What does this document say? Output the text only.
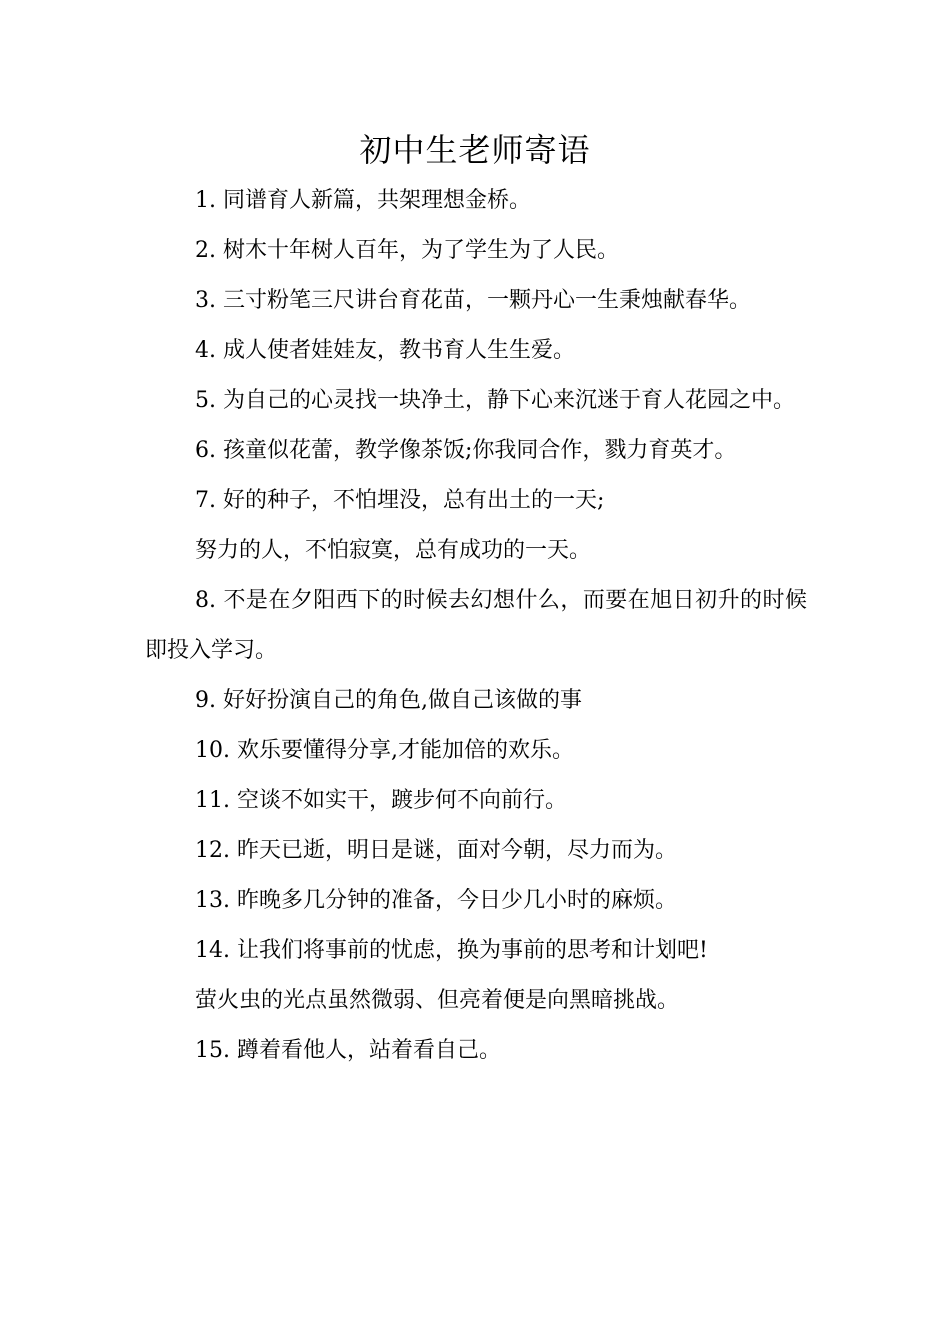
初中生老师寄语

1. 同谱育人新篇，共架理想金桥。

2. 树木十年树人百年，为了学生为了人民。

3. 三寸粉笔三尺讲台育花苗，一颗丹心一生秉烛献春华。

4. 成人使者娃娃友，教书育人生生爱。

5. 为自己的心灵找一块净土，静下心来沉迷于育人花园之中。

6. 孩童似花蕾，教学像茶饭;你我同合作，戮力育英才。

7. 好的种子，不怕埋没，总有出土的一天;

努力的人，不怕寂寞，总有成功的一天。

8. 不是在夕阳西下的时候去幻想什么，而要在旭日初升的时候即投入学习。

9. 好好扮演自己的角色,做自己该做的事

10. 欢乐要懂得分享,才能加倍的欢乐。

11. 空谈不如实干，踱步何不向前行。

12. 昨天已逝，明日是谜，面对今朝，尽力而为。

13. 昨晚多几分钟的准备，今日少几小时的麻烦。

14. 让我们将事前的忧虑，换为事前的思考和计划吧!

萤火虫的光点虽然微弱、但亮着便是向黑暗挑战。

15. 蹲着看他人，站着看自己。
